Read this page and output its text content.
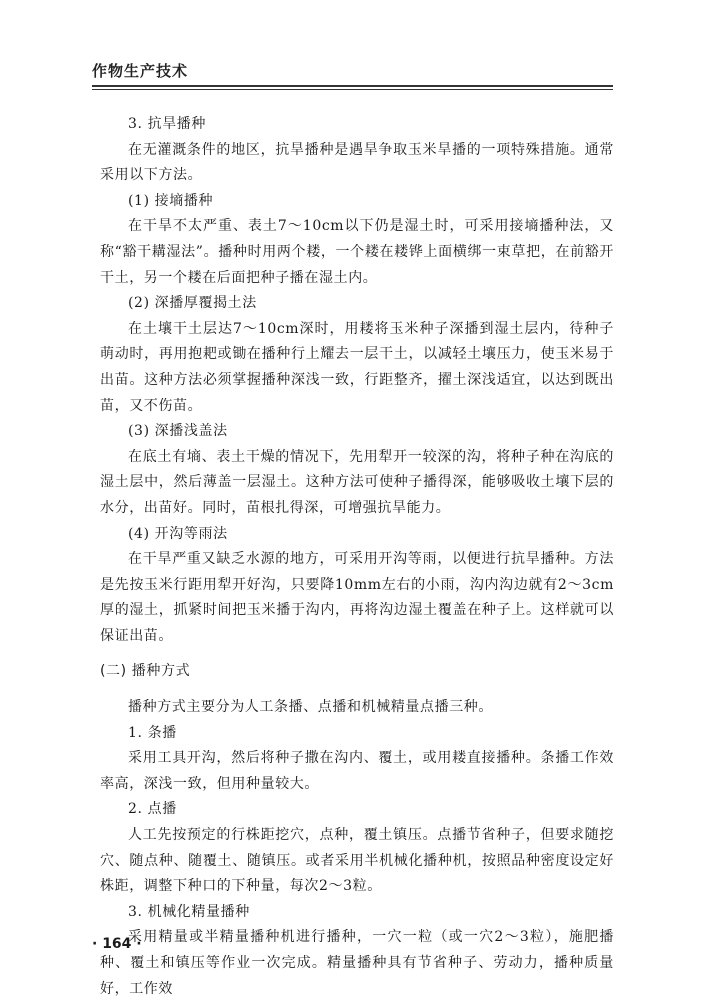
作物生产技术
3. 抗旱播种

在无灌溉条件的地区，抗旱播种是遇旱争取玉米旱播的一项特殊措施。通常采用以下方法。

(1) 接墒播种

在干旱不太严重、表土7～10cm以下仍是湿土时，可采用接墒播种法，又称“豁干耩湿法”。播种时用两个耧，一个耧在耧铧上面横绑一束草把，在前豁开干土，另一个耧在后面把种子播在湿土内。

(2) 深播厚覆揭土法

在土壤干土层达7～10cm深时，用耧将玉米种子深播到湿土层内，待种子萌动时，再用抱耙或锄在播种行上耀去一层干土，以减轻土壤压力，使玉米易于出苗。这种方法必须掌握播种深浅一致，行距整齐，擢土深浅适宜，以达到既出苗，又不伤苗。

(3) 深播浅盖法

在底土有墒、表土干燥的情况下，先用犁开一较深的沟，将种子种在沟底的湿土层中，然后薄盖一层湿土。这种方法可使种子播得深，能够吸收土壤下层的水分，出苗好。同时，苗根扎得深，可增强抗旱能力。

(4) 开沟等雨法

在干旱严重又缺乏水源的地方，可采用开沟等雨，以便进行抗旱播种。方法是先按玉米行距用犁开好沟，只要降10mm左右的小雨，沟内沟边就有2～3cm厚的湿土，抓紧时间把玉米播于沟内，再将沟边湿土覆盖在种子上。这样就可以保证出苗。

(二) 播种方式

播种方式主要分为人工条播、点播和机械精量点播三种。

1. 条播

采用工具开沟，然后将种子撒在沟内、覆土，或用耧直接播种。条播工作效率高，深浅一致，但用种量较大。

2. 点播

人工先按预定的行株距挖穴，点种，覆土镇压。点播节省种子，但要求随挖穴、随点种、随覆土、随镇压。或者采用半机械化播种机，按照品种密度设定好株距，调整下种口的下种量，每次2～3粒。

3. 机械化精量播种

采用精量或半精量播种机进行播种，一穴一粒（或一穴2～3粒），施肥播种、覆土和镇压等作业一次完成。精量播种具有节省种子、劳动力，播种质量好，工作效

· 164 ·
